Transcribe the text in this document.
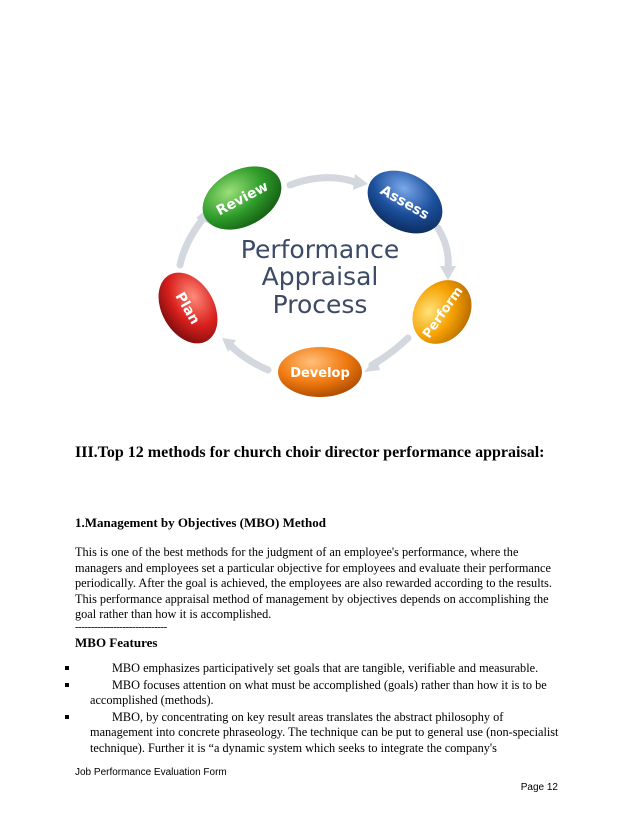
Performance
Appraisal
Process
Review	Assess
Perform
Develop
Plan
III.Top 12 methods for church choir director performance appraisal:
1.Management by Objectives (MBO) Method

This is one of the best methods for the judgment of an employee's performance, where the managers and employees set a particular objective for employees and evaluate their performance periodically. After the goal is achieved, the employees are also rewarded according to the results. This performance appraisal method of management by objectives depends on accomplishing the goal rather than how it is accomplished.

-----------------------------

MBO Features

MBO emphasizes participatively set goals that are tangible, verifiable and measurable.
MBO focuses attention on what must be accomplished (goals) rather than how it is to be accomplished (methods).
MBO, by concentrating on key result areas translates the abstract philosophy of management into concrete phraseology. The technique can be put to general use (non-specialist technique). Further it is “a dynamic system which seeks to integrate the company's

Job Performance Evaluation Form

Page 12
